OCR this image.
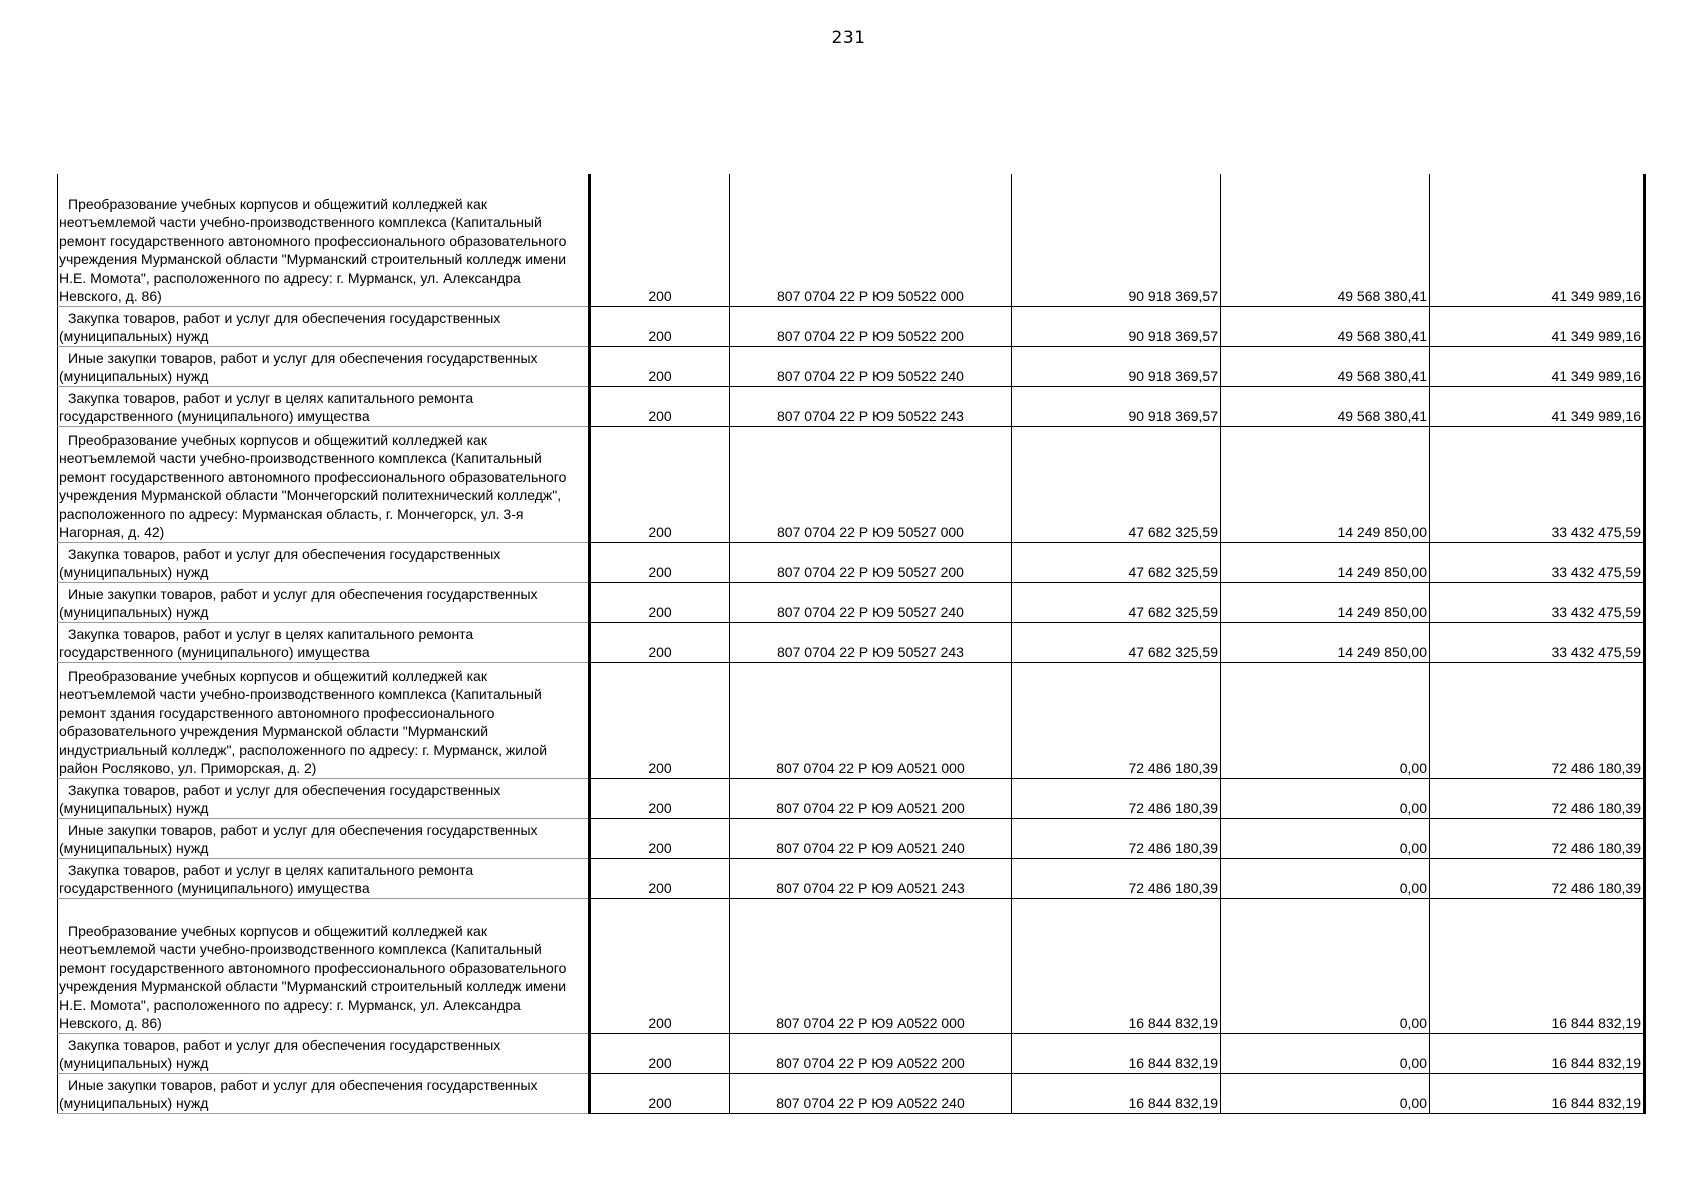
231
Преобразование учебных корпусов и общежитий колледжей как неотъемлемой части учебно-производственного комплекса (Капитальный ремонт государственного автономного профессионального образовательного учреждения Мурманской области "Мурманский строительный колледж имени Н.Е. Момота", расположенного по адресу: г. Мурманск, ул. Александра Невского, д. 86)	200	807 0704 22 Р Ю9 50522 000	90 918 369,57	49 568 380,41	41 349 989,16
Закупка товаров, работ и услуг для обеспечения государственных (муниципальных) нужд	200	807 0704 22 Р Ю9 50522 200	90 918 369,57	49 568 380,41	41 349 989,16
Иные закупки товаров, работ и услуг для обеспечения государственных (муниципальных) нужд	200	807 0704 22 Р Ю9 50522 240	90 918 369,57	49 568 380,41	41 349 989,16
Закупка товаров, работ и услуг в целях капитального ремонта государственного (муниципального) имущества	200	807 0704 22 Р Ю9 50522 243	90 918 369,57	49 568 380,41	41 349 989,16
Преобразование учебных корпусов и общежитий колледжей как неотъемлемой части учебно-производственного комплекса (Капитальный ремонт государственного автономного профессионального образовательного учреждения Мурманской области "Мончегорский политехнический колледж", расположенного по адресу: Мурманская область, г. Мончегорск, ул. 3-я Нагорная, д. 42)	200	807 0704 22 Р Ю9 50527 000	47 682 325,59	14 249 850,00	33 432 475,59
Закупка товаров, работ и услуг для обеспечения государственных (муниципальных) нужд	200	807 0704 22 Р Ю9 50527 200	47 682 325,59	14 249 850,00	33 432 475,59
Иные закупки товаров, работ и услуг для обеспечения государственных (муниципальных) нужд	200	807 0704 22 Р Ю9 50527 240	47 682 325,59	14 249 850,00	33 432 475,59
Закупка товаров, работ и услуг в целях капитального ремонта государственного (муниципального) имущества	200	807 0704 22 Р Ю9 50527 243	47 682 325,59	14 249 850,00	33 432 475,59
Преобразование учебных корпусов и общежитий колледжей как неотъемлемой части учебно-производственного комплекса (Капитальный ремонт здания государственного автономного профессионального образовательного учреждения Мурманской области "Мурманский индустриальный колледж", расположенного по адресу: г. Мурманск, жилой район Росляково, ул. Приморская, д. 2)	200	807 0704 22 Р Ю9 А0521 000	72 486 180,39	0,00	72 486 180,39
Закупка товаров, работ и услуг для обеспечения государственных (муниципальных) нужд	200	807 0704 22 Р Ю9 А0521 200	72 486 180,39	0,00	72 486 180,39
Иные закупки товаров, работ и услуг для обеспечения государственных (муниципальных) нужд	200	807 0704 22 Р Ю9 А0521 240	72 486 180,39	0,00	72 486 180,39
Закупка товаров, работ и услуг в целях капитального ремонта государственного (муниципального) имущества	200	807 0704 22 Р Ю9 А0521 243	72 486 180,39	0,00	72 486 180,39
Преобразование учебных корпусов и общежитий колледжей как неотъемлемой части учебно-производственного комплекса (Капитальный ремонт государственного автономного профессионального образовательного учреждения Мурманской области "Мурманский строительный колледж имени Н.Е. Момота", расположенного по адресу: г. Мурманск, ул. Александра Невского, д. 86)	200	807 0704 22 Р Ю9 А0522 000	16 844 832,19	0,00	16 844 832,19
Закупка товаров, работ и услуг для обеспечения государственных (муниципальных) нужд	200	807 0704 22 Р Ю9 А0522 200	16 844 832,19	0,00	16 844 832,19
Иные закупки товаров, работ и услуг для обеспечения государственных (муниципальных) нужд	200	807 0704 22 Р Ю9 А0522 240	16 844 832,19	0,00	16 844 832,19
